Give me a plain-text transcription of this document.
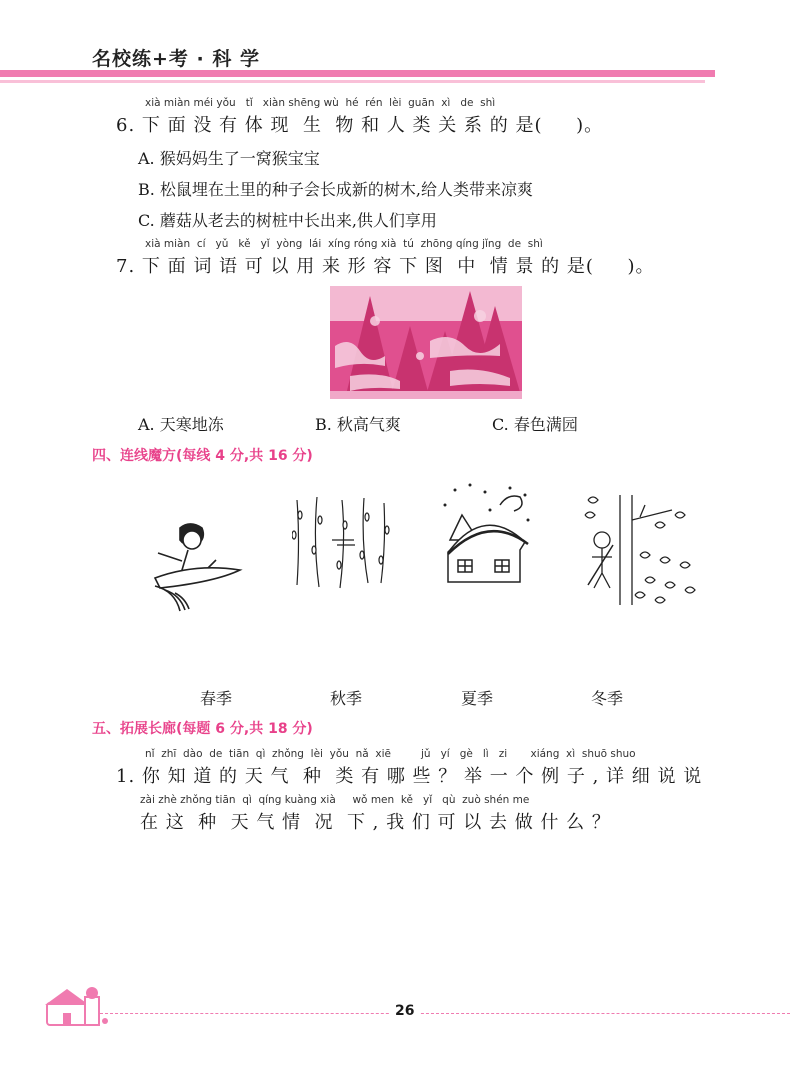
名校练+考 · 科 学
xià miàn méi yǒu   tǐ   xiàn shēng wù  hé  rén  lèi  guān  xì   de  shì
6. 下 面 没 有 体 现  生  物 和 人 类 关 系 的 是(     )。
A. 猴妈妈生了一窝猴宝宝
B. 松鼠埋在土里的种子会长成新的树木,给人类带来凉爽
C. 蘑菇从老去的树桩中长出来,供人们享用
xià miàn  cí   yǔ   kě   yǐ  yòng  lái  xíng róng xià  tú  zhōng qíng jǐng  de  shì
7. 下 面 词 语 可 以 用 来 形 容 下 图  中  情 景 的 是(     )。
A. 天寒地冻	B. 秋高气爽	C. 春色满园
四、连线魔方(每线 4 分,共 16 分)
春季	秋季	夏季	冬季
五、拓展长廊(每题 6 分,共 18 分)
nǐ  zhī  dào  de  tiān  qì  zhǒng  lèi  yǒu  nǎ  xiē         jǔ   yí   gè   lì   zi       xiáng  xì  shuō shuo
1. 你 知 道 的 天 气  种  类 有 哪 些 ？ 举 一 个 例 子 , 详 细 说 说
zài zhè zhǒng tiān  qì  qíng kuàng xià     wǒ men  kě   yǐ   qù  zuò shén me
在 这  种  天 气 情  况  下 , 我 们 可 以 去 做 什 么 ？
26
